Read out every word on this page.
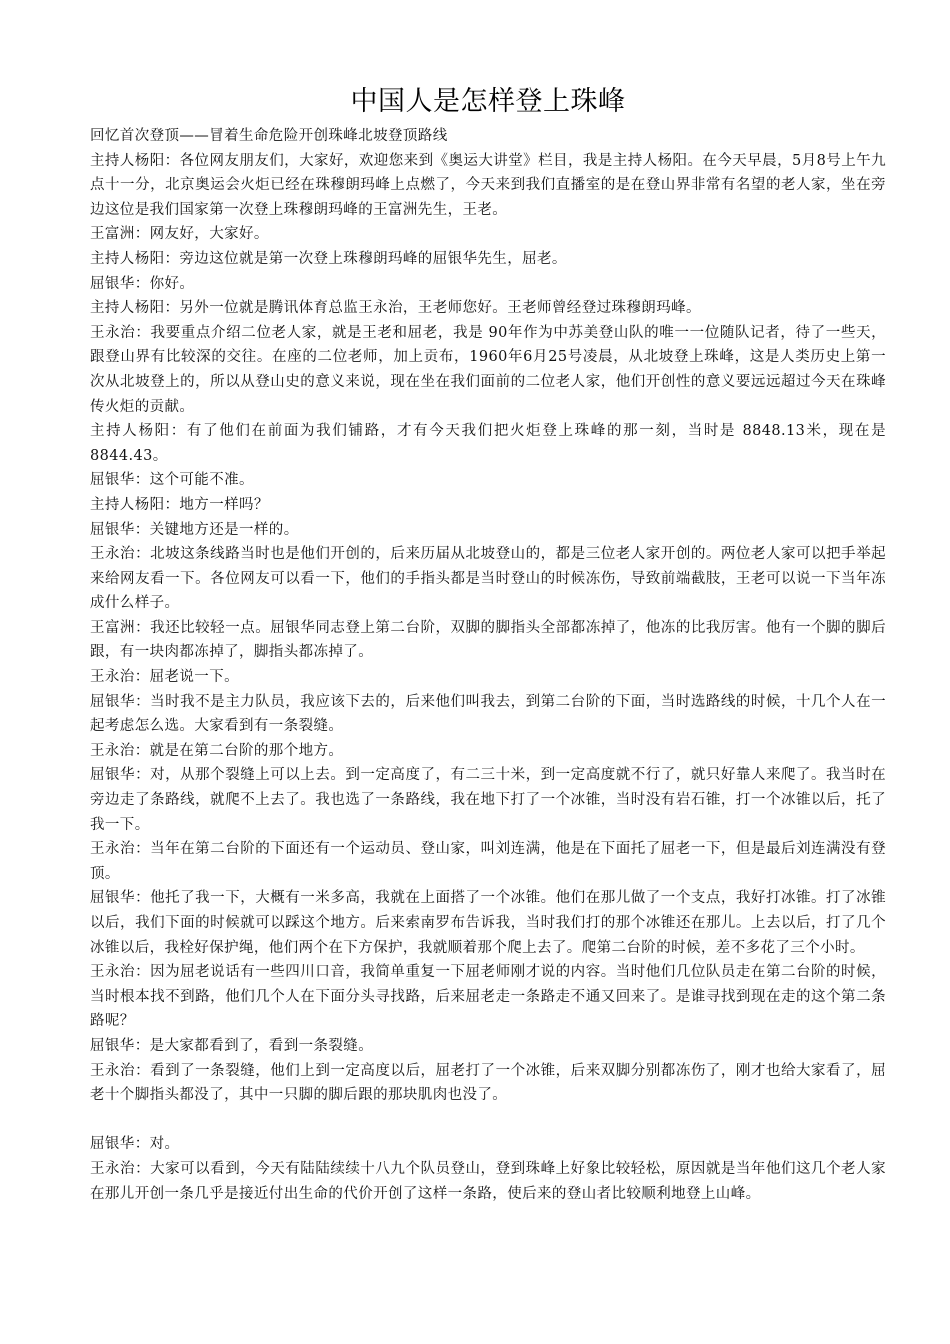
中国人是怎样登上珠峰

回忆首次登顶——冒着生命危险开创珠峰北坡登顶路线

主持人杨阳：各位网友朋友们，大家好，欢迎您来到《奥运大讲堂》栏目，我是主持人杨阳。在今天早晨，5月8号上午九点十一分，北京奥运会火炬已经在珠穆朗玛峰上点燃了，今天来到我们直播室的是在登山界非常有名望的老人家，坐在旁边这位是我们国家第一次登上珠穆朗玛峰的王富洲先生，王老。

王富洲：网友好，大家好。

主持人杨阳：旁边这位就是第一次登上珠穆朗玛峰的屈银华先生，屈老。

屈银华：你好。

主持人杨阳：另外一位就是腾讯体育总监王永治，王老师您好。王老师曾经登过珠穆朗玛峰。

王永治：我要重点介绍二位老人家，就是王老和屈老，我是 90年作为中苏美登山队的唯一一位随队记者，待了一些天，跟登山界有比较深的交往。在座的二位老师，加上贡布，1960年6月25号凌晨，从北坡登上珠峰，这是人类历史上第一次从北坡登上的，所以从登山史的意义来说，现在坐在我们面前的二位老人家，他们开创性的意义要远远超过今天在珠峰传火炬的贡献。

主持人杨阳：有了他们在前面为我们铺路，才有今天我们把火炬登上珠峰的那一刻，当时是 8848.13米，现在是8844.43。

屈银华：这个可能不准。

主持人杨阳：地方一样吗？

屈银华：关键地方还是一样的。

王永治：北坡这条线路当时也是他们开创的，后来历届从北坡登山的，都是三位老人家开创的。两位老人家可以把手举起来给网友看一下。各位网友可以看一下，他们的手指头都是当时登山的时候冻伤，导致前端截肢，王老可以说一下当年冻成什么样子。

王富洲：我还比较轻一点。屈银华同志登上第二台阶，双脚的脚指头全部都冻掉了，他冻的比我厉害。他有一个脚的脚后跟，有一块肉都冻掉了，脚指头都冻掉了。

王永治：屈老说一下。

屈银华：当时我不是主力队员，我应该下去的，后来他们叫我去，到第二台阶的下面，当时选路线的时候，十几个人在一起考虑怎么选。大家看到有一条裂缝。

王永治：就是在第二台阶的那个地方。

屈银华：对，从那个裂缝上可以上去。到一定高度了，有二三十米，到一定高度就不行了，就只好靠人来爬了。我当时在旁边走了条路线，就爬不上去了。我也选了一条路线，我在地下打了一个冰锥，当时没有岩石锥，打一个冰锥以后，托了我一下。

王永治：当年在第二台阶的下面还有一个运动员、登山家，叫刘连满，他是在下面托了屈老一下，但是最后刘连满没有登顶。

屈银华：他托了我一下，大概有一米多高，我就在上面搭了一个冰锥。他们在那儿做了一个支点，我好打冰锥。打了冰锥以后，我们下面的时候就可以踩这个地方。后来索南罗布告诉我，当时我们打的那个冰锥还在那儿。上去以后，打了几个冰锥以后，我栓好保护绳，他们两个在下方保护，我就顺着那个爬上去了。爬第二台阶的时候，差不多花了三个小时。

王永治：因为屈老说话有一些四川口音，我简单重复一下屈老师刚才说的内容。当时他们几位队员走在第二台阶的时候，当时根本找不到路，他们几个人在下面分头寻找路，后来屈老走一条路走不通又回来了。是谁寻找到现在走的这个第二条路呢？

屈银华：是大家都看到了，看到一条裂缝。

王永治：看到了一条裂缝，他们上到一定高度以后，屈老打了一个冰锥，后来双脚分别都冻伤了，刚才也给大家看了，屈老十个脚指头都没了，其中一只脚的脚后跟的那块肌肉也没了。

屈银华：对。

王永治：大家可以看到，今天有陆陆续续十八九个队员登山，登到珠峰上好象比较轻松，原因就是当年他们这几个老人家在那儿开创一条几乎是接近付出生命的代价开创了这样一条路，使后来的登山者比较顺利地登上山峰。
